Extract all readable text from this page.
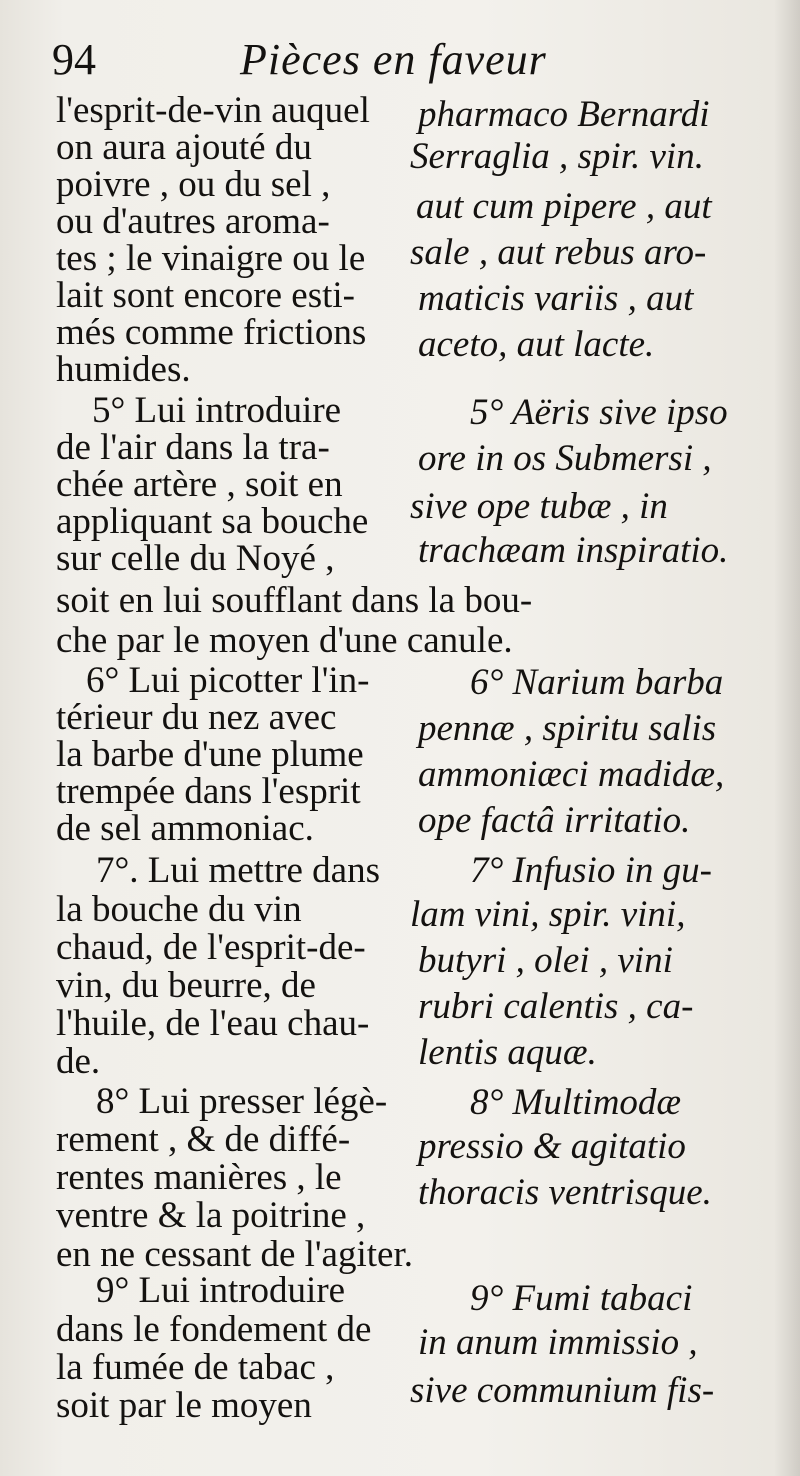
94	Pièces en faveur
l'esprit-de-vin auquel
on aura ajouté du
poivre , ou du sel ,
ou d'autres aroma-
tes ; le vinaigre ou le
lait sont encore esti-
més comme frictions
humides.
5° Lui introduire
de l'air dans la tra-
chée artère , soit en
appliquant sa bouche
sur celle du Noyé ,
soit en lui soufflant dans la bou-
che par le moyen d'une canule.
6° Lui picotter l'in-
térieur du nez avec
la barbe d'une plume
trempée dans l'esprit
de sel ammoniac.
7°. Lui mettre dans
la bouche du vin
chaud, de l'esprit-de-
vin, du beurre, de
l'huile, de l'eau chau-
de.
8° Lui presser légè-
rement , & de diffé-
rentes manières , le
ventre & la poitrine ,
en ne cessant de l'agiter.
9° Lui introduire
dans le fondement de
la fumée de tabac ,
soit par le moyen
pharmaco Bernardi
Serraglia , spir. vin.
aut cum pipere , aut
sale , aut rebus aro-
maticis variis , aut
aceto, aut lacte.
5° Aëris sive ipso
ore in os Submersi ,
sive ope tubæ , in
trachæam inspiratio.
6° Narium barba
pennæ , spiritu salis
ammoniæci madidæ,
ope factâ irritatio.
7° Infusio in gu-
lam vini, spir. vini,
butyri , olei , vini
rubri calentis , ca-
lentis aquæ.
8° Multimodæ
pressio & agitatio
thoracis ventrisque.
9° Fumi tabaci
in anum immissio ,
sive communium fis-
